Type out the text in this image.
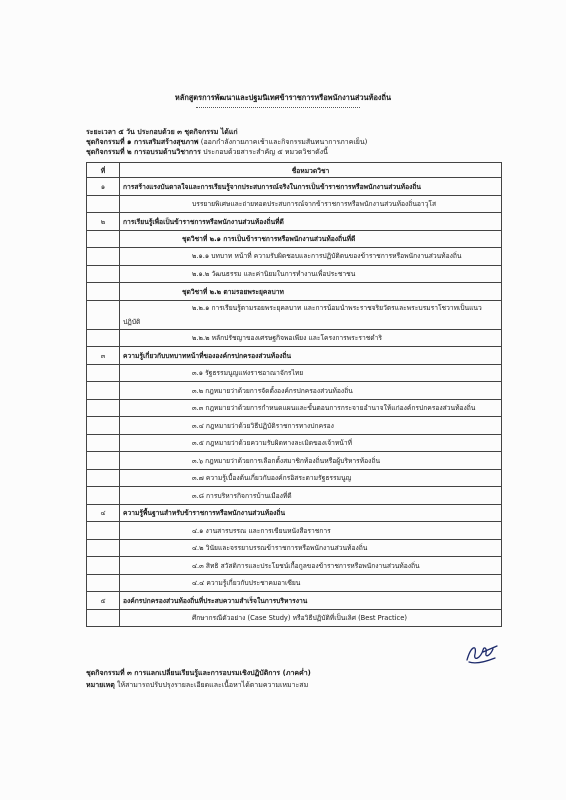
หลักสูตรการพัฒนาและปฐมนิเทศข้าราชการหรือพนักงานส่วนท้องถิ่น
ระยะเวลา ๕ วัน ประกอบด้วย ๓ ชุดกิจกรรม ได้แก่
ชุดกิจกรรมที่ ๑ การเสริมสร้างสุขภาพ (ออกกำลังกายภาคเช้าและกิจกรรมสันทนาการภาคเย็น)
ชุดกิจกรรมที่ ๒ การอบรมด้านวิชาการ ประกอบด้วยสาระสำคัญ ๕ หมวดวิชาดังนี้
ที่	ชื่อหมวดวิชา
๑	การสร้างแรงบันดาลใจและการเรียนรู้จากประสบการณ์จริงในการเป็นข้าราชการหรือพนักงานส่วนท้องถิ่น
	บรรยายพิเศษและถ่ายทอดประสบการณ์จากข้าราชการหรือพนักงานส่วนท้องถิ่นอาวุโส
๒	การเรียนรู้เพื่อเป็นข้าราชการหรือพนักงานส่วนท้องถิ่นที่ดี
	ชุดวิชาที่ ๒.๑ การเป็นข้าราชการหรือพนักงานส่วนท้องถิ่นที่ดี
	๒.๑.๑ บทบาท หน้าที่ ความรับผิดชอบและการปฏิบัติตนของข้าราชการหรือพนักงานส่วนท้องถิ่น
	๒.๑.๒ วัฒนธรรม และค่านิยมในการทำงานเพื่อประชาชน
	ชุดวิชาที่ ๒.๒ ตามรอยพระยุคลบาท
	๒.๒.๑ การเรียนรู้ตามรอยพระยุคลบาท และการน้อมนำพระราชจริยวัตรและพระบรมราโชวาทเป็นแนวปฏิบัติ
	๒.๒.๒ หลักปรัชญาของเศรษฐกิจพอเพียง และโครงการพระราชดำริ
๓	ความรู้เกี่ยวกับบทบาทหน้าที่ขององค์กรปกครองส่วนท้องถิ่น
	๓.๑ รัฐธรรมนูญแห่งราชอาณาจักรไทย
	๓.๒ กฎหมายว่าด้วยการจัดตั้งองค์กรปกครองส่วนท้องถิ่น
	๓.๓ กฎหมายว่าด้วยการกำหนดแผนและขั้นตอนการกระจายอำนาจให้แก่องค์กรปกครองส่วนท้องถิ่น
	๓.๔ กฎหมายว่าด้วยวิธีปฏิบัติราชการทางปกครอง
	๓.๕ กฎหมายว่าด้วยความรับผิดทางละเมิดของเจ้าหน้าที่
	๓.๖ กฎหมายว่าด้วยการเลือกตั้งสมาชิกท้องถิ่นหรือผู้บริหารท้องถิ่น
	๓.๗ ความรู้เบื้องต้นเกี่ยวกับองค์กรอิสระตามรัฐธรรมนูญ
	๓.๘ การบริหารกิจการบ้านเมืองที่ดี
๔	ความรู้พื้นฐานสำหรับข้าราชการหรือพนักงานส่วนท้องถิ่น
	๔.๑ งานสารบรรณ และการเขียนหนังสือราชการ
	๔.๒ วินัยและจรรยาบรรณข้าราชการหรือพนักงานส่วนท้องถิ่น
	๔.๓ สิทธิ สวัสดิการและประโยชน์เกื้อกูลของข้าราชการหรือพนักงานส่วนท้องถิ่น
	๔.๔ ความรู้เกี่ยวกับประชาคมอาเซียน
๕	องค์กรปกครองส่วนท้องถิ่นที่ประสบความสำเร็จในการบริหารงาน
	ศึกษากรณีตัวอย่าง (Case Study) หรือวิธีปฏิบัติที่เป็นเลิศ (Best Practice)
ชุดกิจกรรมที่ ๓ การแลกเปลี่ยนเรียนรู้และการอบรมเชิงปฏิบัติการ (ภาคค่ำ)
หมายเหตุ ให้สามารถปรับปรุงรายละเอียดและเนื้อหาได้ตามความเหมาะสม
